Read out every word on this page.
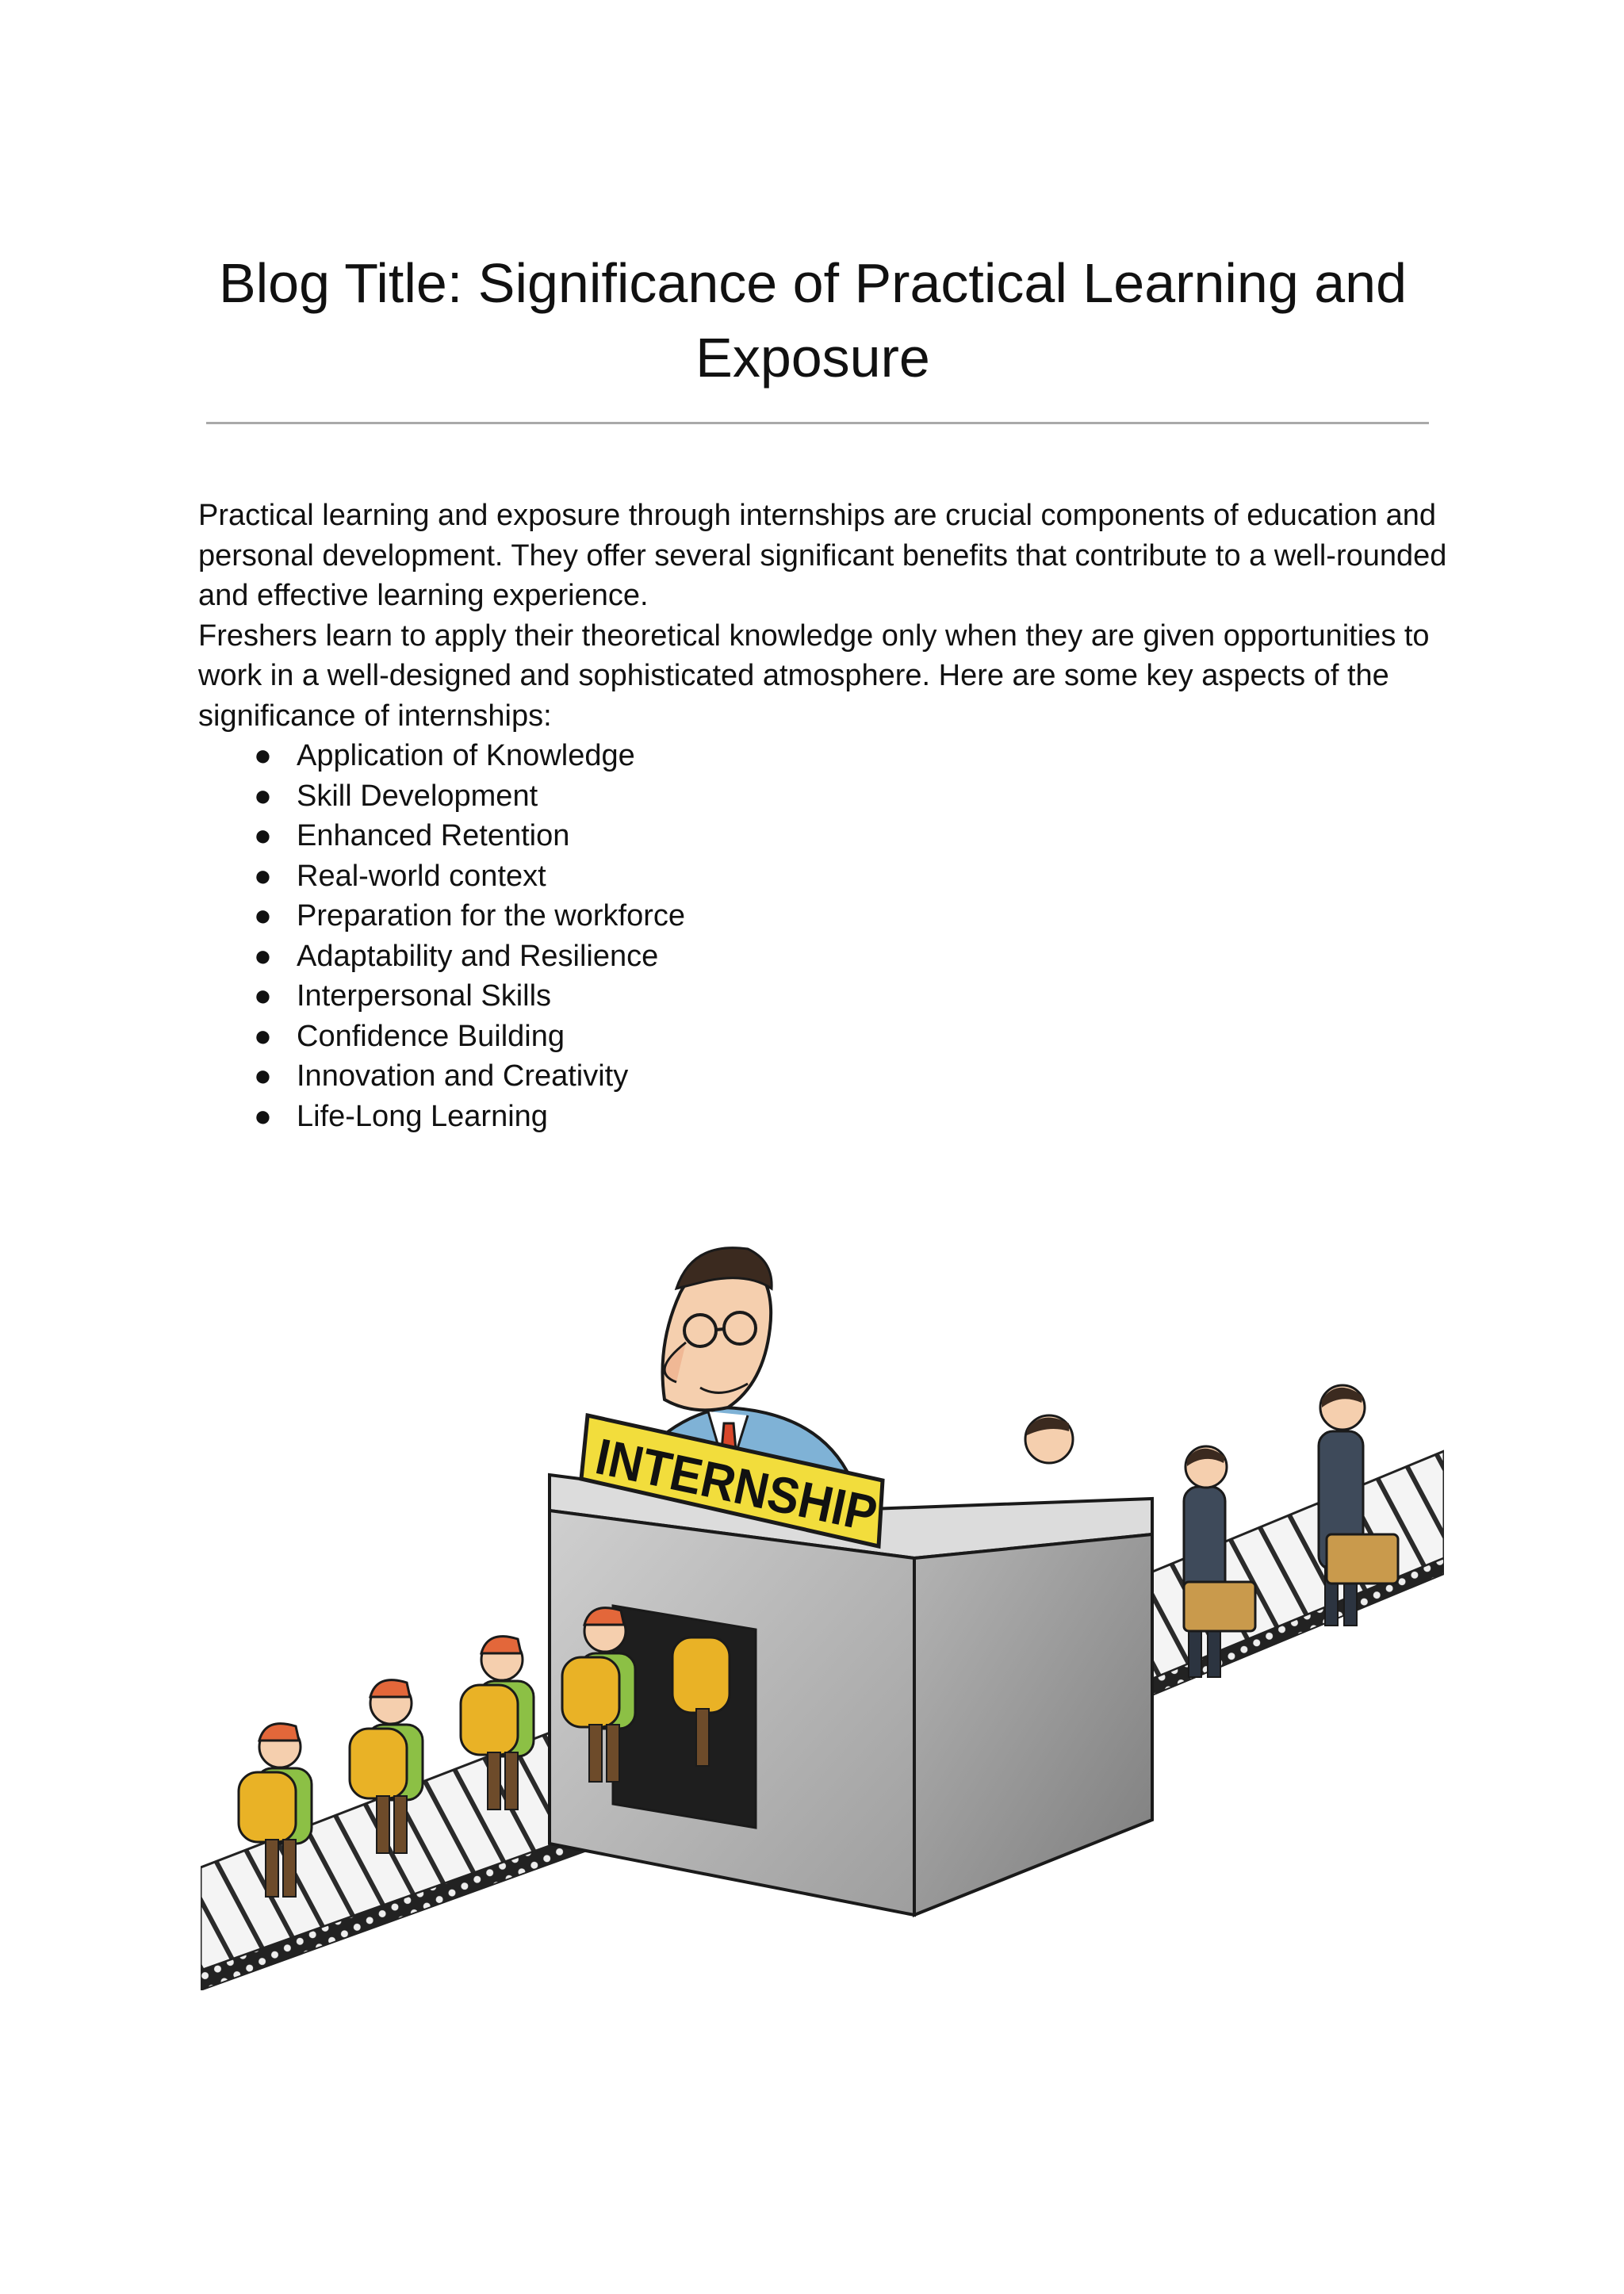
Blog Title: Significance of Practical Learning and Exposure

Practical learning and exposure through internships are crucial components of education and personal development. They offer several significant benefits that contribute to a well-rounded and effective learning experience.

Freshers learn to apply their theoretical knowledge only when they are given opportunities to work in a well-designed and sophisticated atmosphere. Here are some key aspects of the significance of internships:

● Application of Knowledge
● Skill Development
● Enhanced Retention
● Real-world context
● Preparation for the workforce
● Adaptability and Resilience
● Interpersonal Skills
● Confidence Building
● Innovation and Creativity
● Life-Long Learning
INTERNSHIP
